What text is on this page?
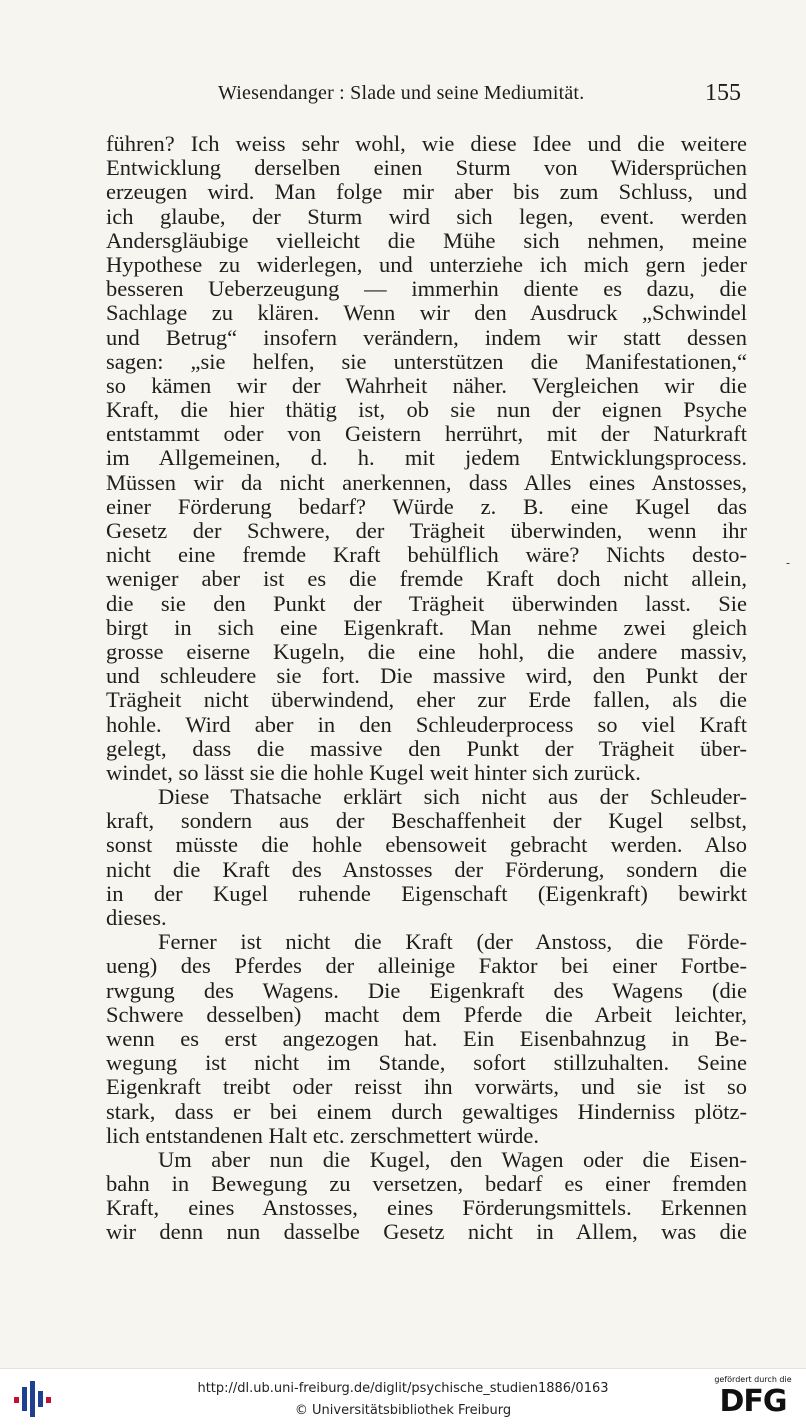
Wiesendanger : Slade und seine Mediumität.	155
führen? Ich weiss sehr wohl, wie diese Idee und die weitere
Entwicklung derselben einen Sturm von Widersprüchen
erzeugen wird. Man folge mir aber bis zum Schluss, und
ich glaube, der Sturm wird sich legen, event. werden
Andersgläubige vielleicht die Mühe sich nehmen, meine
Hypothese zu widerlegen, und unterziehe ich mich gern jeder
besseren Ueberzeugung — immerhin diente es dazu, die
Sachlage zu klären. Wenn wir den Ausdruck „Schwindel
und Betrug“ insofern verändern, indem wir statt dessen
sagen: „sie helfen, sie unterstützen die Manifestationen,“
so kämen wir der Wahrheit näher. Vergleichen wir die
Kraft, die hier thätig ist, ob sie nun der eignen Psyche
entstammt oder von Geistern herrührt, mit der Naturkraft
im Allgemeinen, d. h. mit jedem Entwicklungsprocess.
Müssen wir da nicht anerkennen, dass Alles eines Anstosses,
einer Förderung bedarf? Würde z. B. eine Kugel das
Gesetz der Schwere, der Trägheit überwinden, wenn ihr
nicht eine fremde Kraft behülflich wäre? Nichts desto-
weniger aber ist es die fremde Kraft doch nicht allein,
die sie den Punkt der Trägheit überwinden lasst. Sie
birgt in sich eine Eigenkraft. Man nehme zwei gleich
grosse eiserne Kugeln, die eine hohl, die andere massiv,
und schleudere sie fort. Die massive wird, den Punkt der
Trägheit nicht überwindend, eher zur Erde fallen, als die
hohle. Wird aber in den Schleuderprocess so viel Kraft
gelegt, dass die massive den Punkt der Trägheit über-
windet, so lässt sie die hohle Kugel weit hinter sich zurück.
Diese Thatsache erklärt sich nicht aus der Schleuder-
kraft, sondern aus der Beschaffenheit der Kugel selbst,
sonst müsste die hohle ebensoweit gebracht werden. Also
nicht die Kraft des Anstosses der Förderung, sondern die
in der Kugel ruhende Eigenschaft (Eigenkraft) bewirkt
dieses.
Ferner ist nicht die Kraft (der Anstoss, die Förde-
ueng) des Pferdes der alleinige Faktor bei einer Fortbe-
rwgung des Wagens. Die Eigenkraft des Wagens (die
Schwere desselben) macht dem Pferde die Arbeit leichter,
wenn es erst angezogen hat. Ein Eisenbahnzug in Be-
wegung ist nicht im Stande, sofort stillzuhalten. Seine
Eigenkraft treibt oder reisst ihn vorwärts, und sie ist so
stark, dass er bei einem durch gewaltiges Hinderniss plötz-
lich entstandenen Halt etc. zerschmettert würde.
Um aber nun die Kugel, den Wagen oder die Eisen-
bahn in Bewegung zu versetzen, bedarf es einer fremden
Kraft, eines Anstosses, eines Förderungsmittels. Erkennen
wir denn nun dasselbe Gesetz nicht in Allem, was die
-
http://dl.ub.uni-freiburg.de/diglit/psychische_studien1886/0163
© Universitätsbibliothek Freiburg
gefördert durch die
DFG
